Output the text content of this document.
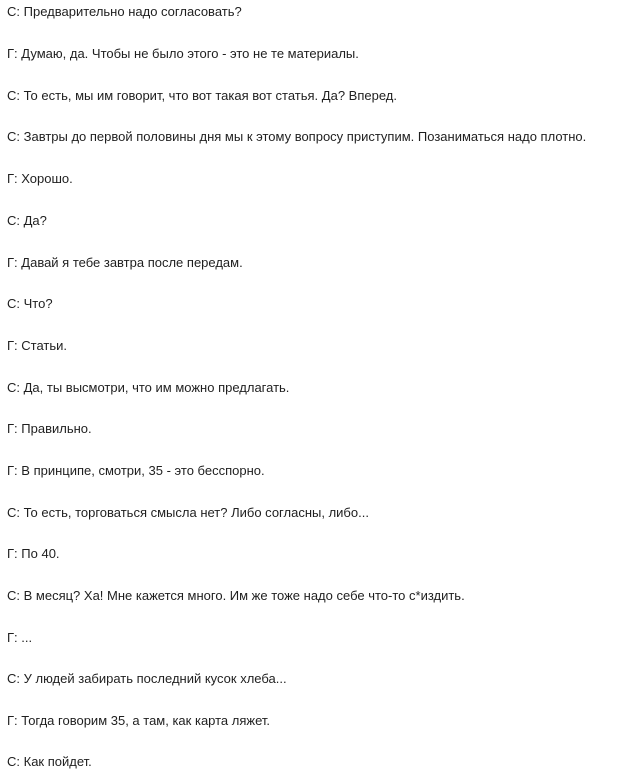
С: Предварительно надо согласовать?
Г: Думаю, да. Чтобы не было этого - это не те материалы.
С: То есть, мы им говорит, что вот такая вот статья. Да? Вперед.
С: Завтры до первой половины дня мы к этому вопросу приступим. Позаниматься надо плотно.
Г: Хорошо.
С: Да?
Г: Давай я тебе завтра после передам.
С: Что?
Г: Статьи.
С: Да, ты высмотри, что им можно предлагать.
Г: Правильно.
Г: В принципе, смотри, 35 - это бесспорно.
С: То есть, торговаться смысла нет? Либо согласны, либо...
Г: По 40.
С: В месяц? Ха! Мне кажется много. Им же тоже надо себе что-то с*издить.
Г: ...
С: У людей забирать последний кусок хлеба...
Г: Тогда говорим 35, а там, как карта ляжет.
С: Как пойдет.
